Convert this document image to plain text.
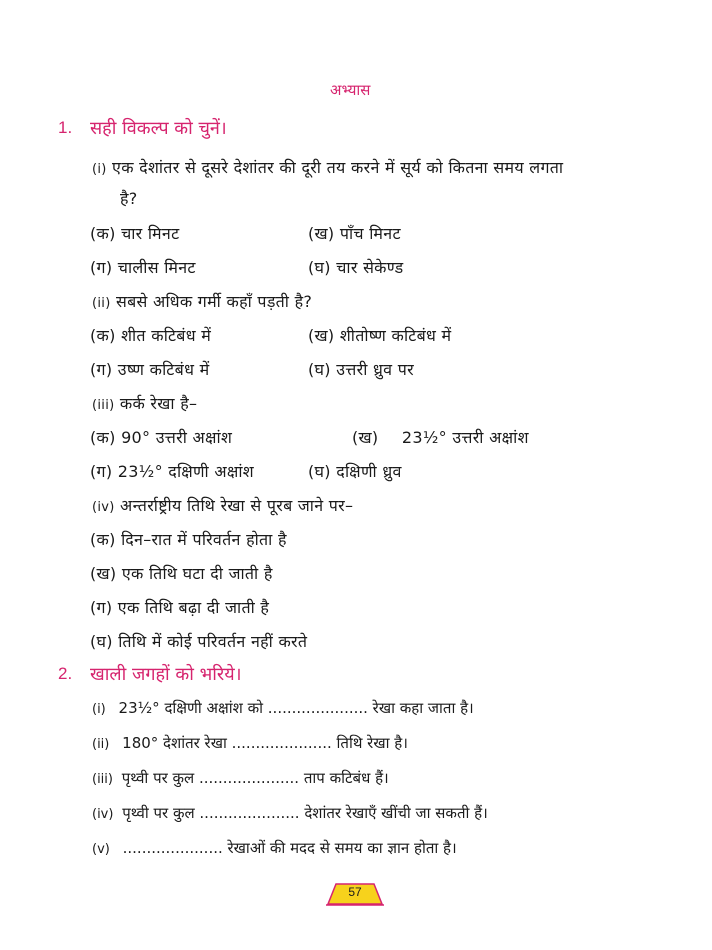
अभ्यास
1. सही विकल्प को चुनें।
(i) एक देशांतर से दूसरे देशांतर की दूरी तय करने में सूर्य को कितना समय लगता
है?
(क) चार मिनट	(ख) पाँच मिनट
(ग) चालीस मिनट	(घ) चार सेकेण्ड
(ii) सबसे अधिक गर्मी कहाँ पड़ती है?
(क) शीत कटिबंध में	(ख) शीतोष्ण कटिबंध में
(ग) उष्ण कटिबंध में	(घ) उत्तरी ध्रुव पर
(iii) कर्क रेखा है–
(क) 90° उत्तरी अक्षांश	(ख) 23½° उत्तरी अक्षांश
(ग) 23½° दक्षिणी अक्षांश	(घ) दक्षिणी ध्रुव
(iv) अन्तर्राष्ट्रीय तिथि रेखा से पूरब जाने पर–
(क) दिन–रात में परिवर्तन होता है
(ख) एक तिथि घटा दी जाती है
(ग) एक तिथि बढ़ा दी जाती है
(घ) तिथि में कोई परिवर्तन नहीं करते
2. खाली जगहों को भरिये।
(i) 23½° दक्षिणी अक्षांश को ..................... रेखा कहा जाता है।
(ii) 180° देशांतर रेखा ..................... तिथि रेखा है।
(iii) पृथ्वी पर कुल ..................... ताप कटिबंध हैं।
(iv) पृथ्वी पर कुल ..................... देशांतर रेखाएँ खींची जा सकती हैं।
(v) ..................... रेखाओं की मदद से समय का ज्ञान होता है।
57
